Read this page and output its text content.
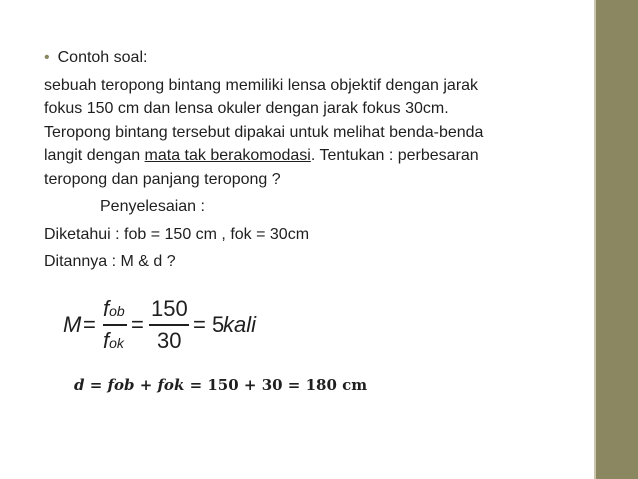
• Contoh soal:
sebuah teropong bintang memiliki lensa objektif dengan jarak
fokus 150 cm dan lensa okuler dengan jarak fokus 30cm.
Teropong bintang tersebut dipakai untuk melihat benda-benda
langit dengan mata tak berakomodasi. Tentukan : perbesaran
teropong dan panjang teropong ?
Penyelesaian :
Diketahui : fob = 150 cm , fok = 30cm
Ditannya : M & d ?
M =
fob
fok
=
150
30
= 5
kali
d = fob + fok = 150 + 30 = 180 cm
